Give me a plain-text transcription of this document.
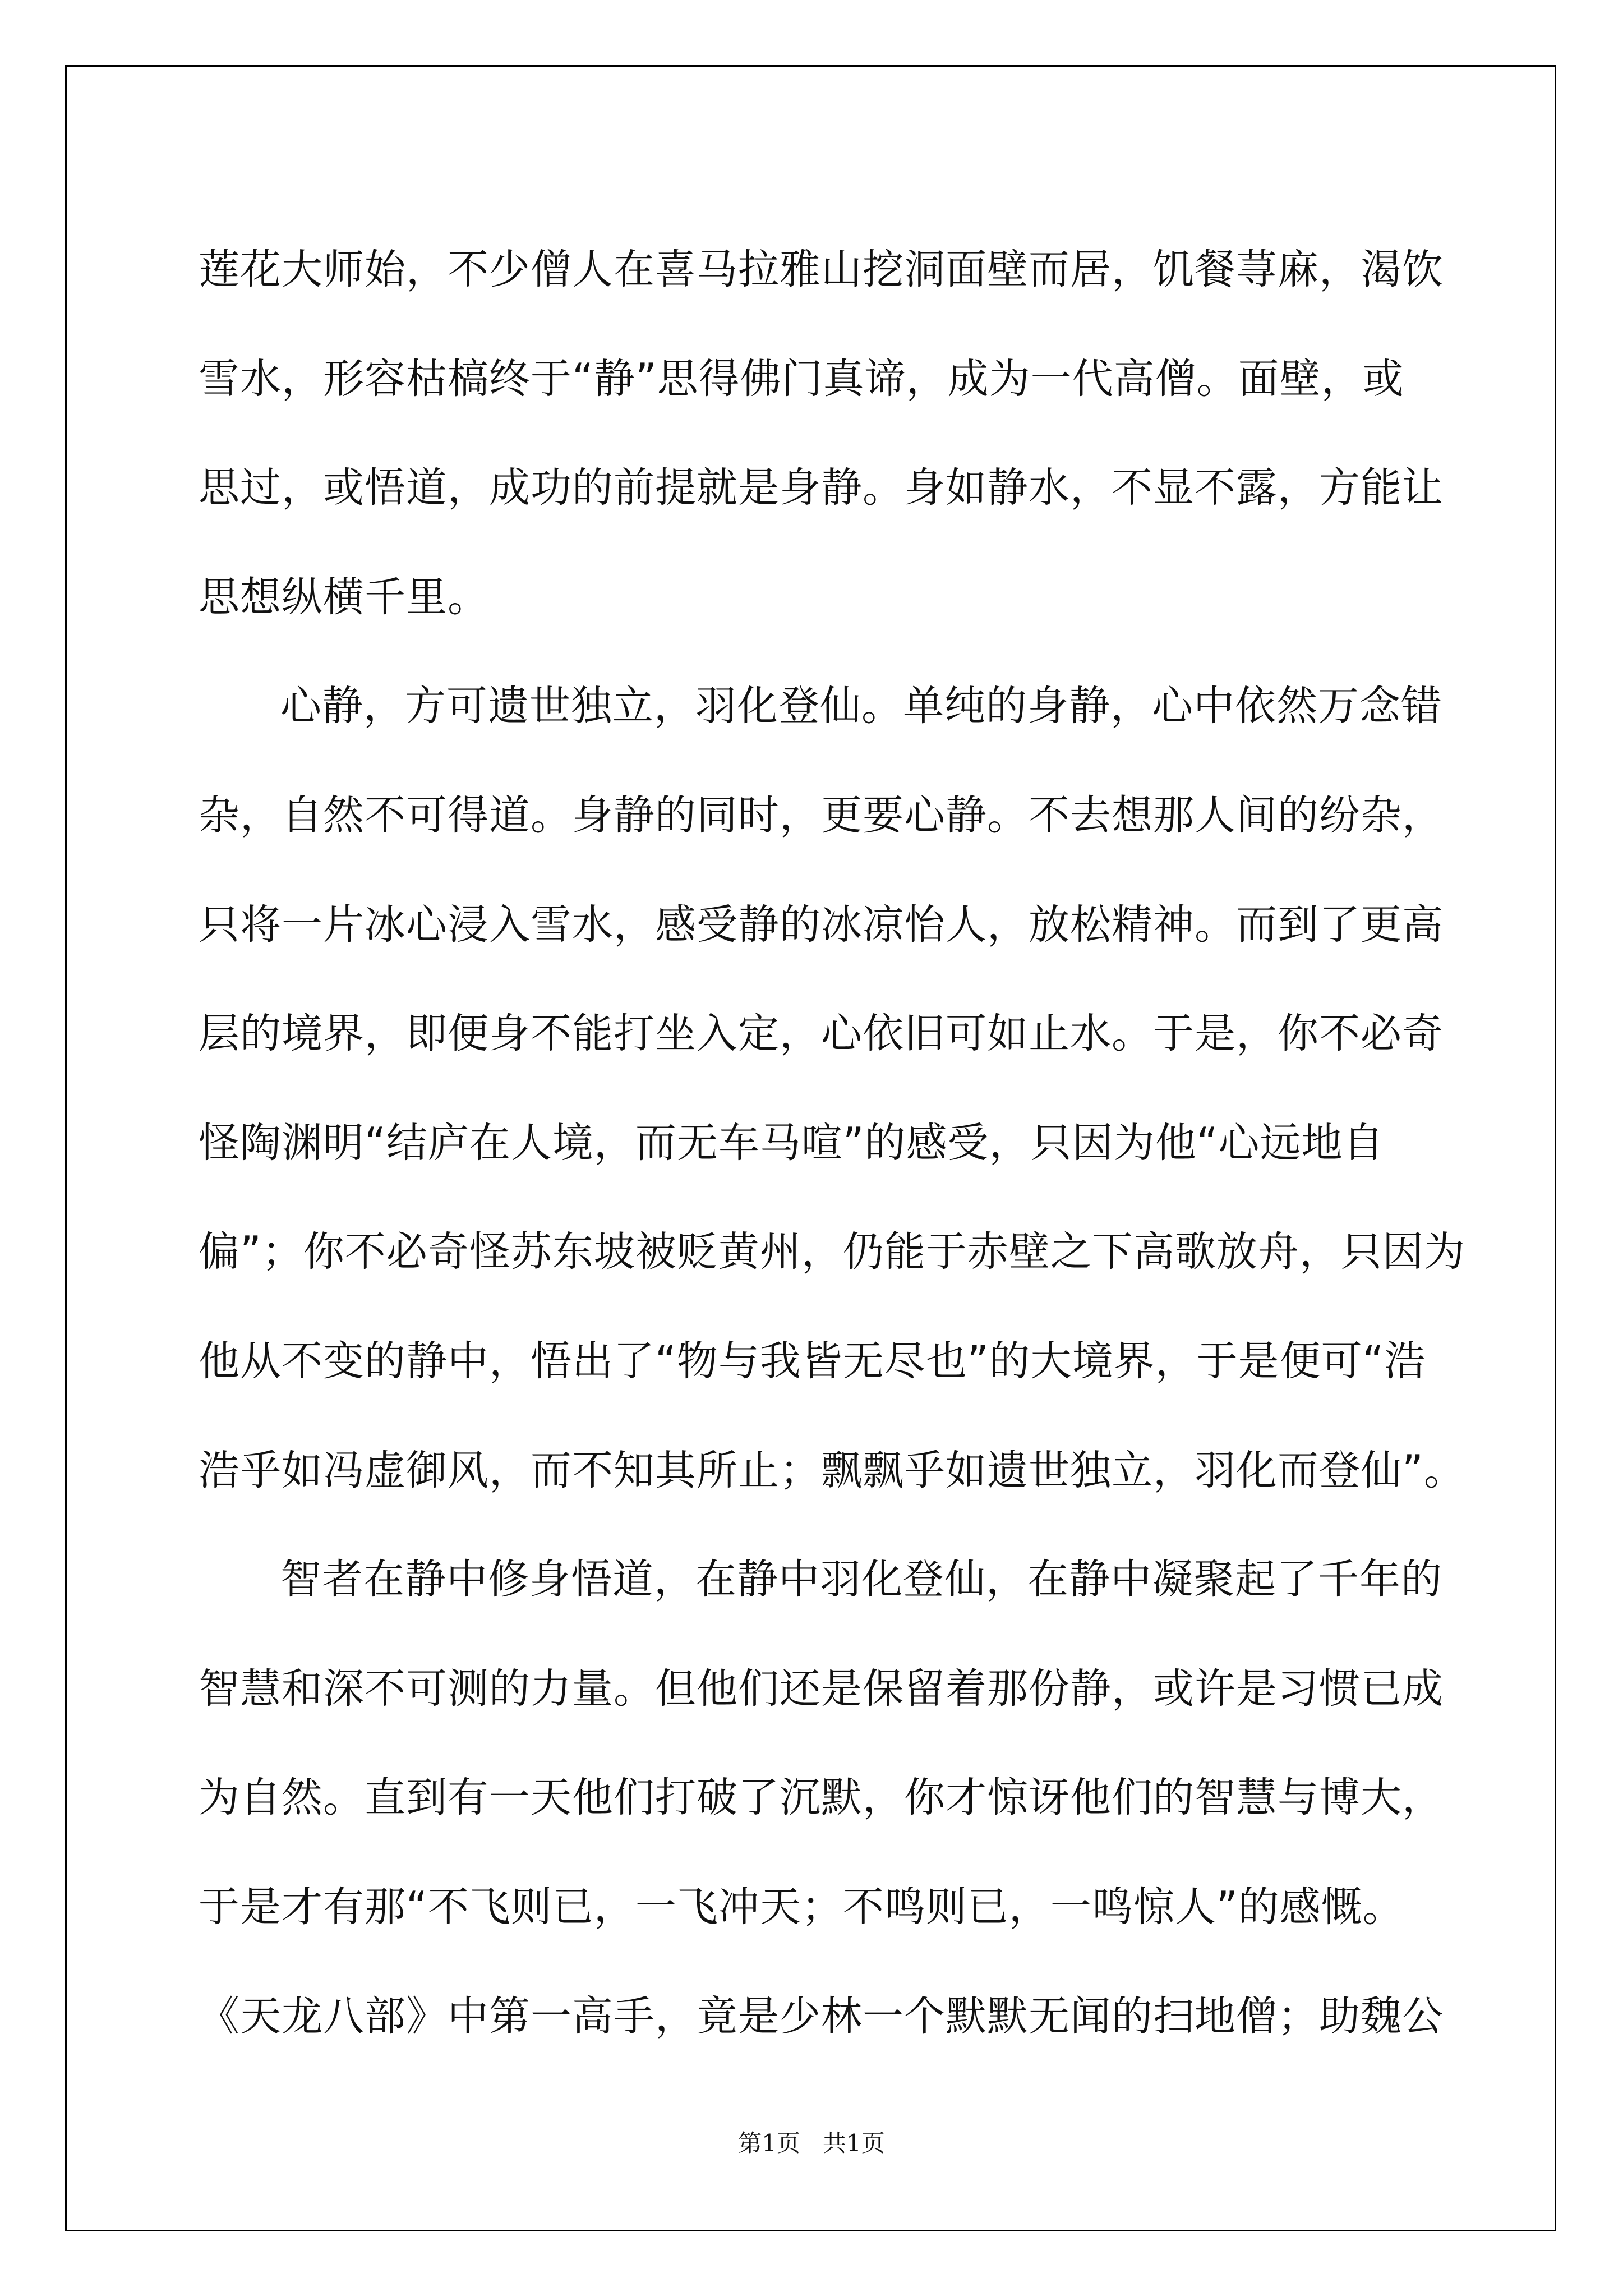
莲花大师始，不少僧人在喜马拉雅山挖洞面壁而居，饥餐荨麻，渴饮
雪水，形容枯槁终于“静”思得佛门真谛，成为一代高僧。面壁，或
思过，或悟道，成功的前提就是身静。身如静水，不显不露，方能让
思想纵横千里。
心静，方可遗世独立，羽化登仙。单纯的身静，心中依然万念错
杂，自然不可得道。身静的同时，更要心静。不去想那人间的纷杂，
只将一片冰心浸入雪水，感受静的冰凉怡人，放松精神。而到了更高
层的境界，即便身不能打坐入定，心依旧可如止水。于是，你不必奇
怪陶渊明“结庐在人境，而无车马喧”的感受，只因为他“心远地自
偏”；你不必奇怪苏东坡被贬黄州，仍能于赤壁之下高歌放舟，只因为
他从不变的静中，悟出了“物与我皆无尽也”的大境界，于是便可“浩
浩乎如冯虚御风，而不知其所止；飘飘乎如遗世独立，羽化而登仙”。
智者在静中修身悟道，在静中羽化登仙，在静中凝聚起了千年的
智慧和深不可测的力量。但他们还是保留着那份静，或许是习惯已成
为自然。直到有一天他们打破了沉默，你才惊讶他们的智慧与博大，
于是才有那“不飞则已，一飞冲天；不鸣则已，一鸣惊人”的感慨。
《天龙八部》中第一高手，竟是少林一个默默无闻的扫地僧；助魏公
第1页 共1页
